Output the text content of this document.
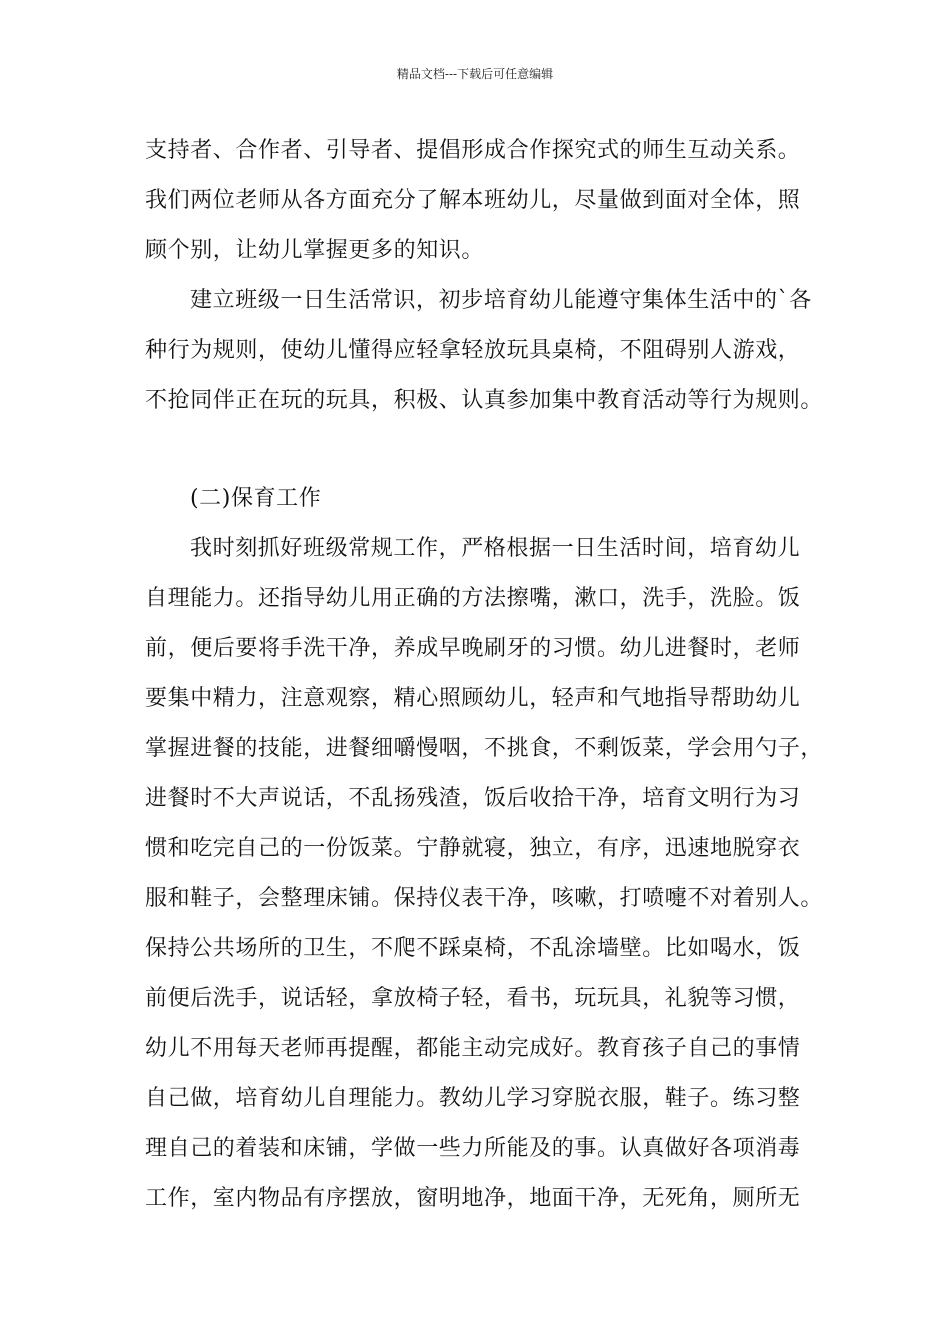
精品文档---下载后可任意编辑
支持者、合作者、引导者、提倡形成合作探究式的师生互动关系。
我们两位老师从各方面充分了解本班幼儿，尽量做到面对全体，照
顾个别，让幼儿掌握更多的知识。
建立班级一日生活常识，初步培育幼儿能遵守集体生活中的`各
种行为规则，使幼儿懂得应轻拿轻放玩具桌椅，不阻碍别人游戏，
不抢同伴正在玩的玩具，积极、认真参加集中教育活动等行为规则。
(二)保育工作
我时刻抓好班级常规工作，严格根据一日生活时间，培育幼儿
自理能力。还指导幼儿用正确的方法擦嘴，漱口，洗手，洗脸。饭
前，便后要将手洗干净，养成早晚刷牙的习惯。幼儿进餐时，老师
要集中精力，注意观察，精心照顾幼儿，轻声和气地指导帮助幼儿
掌握进餐的技能，进餐细嚼慢咽，不挑食，不剩饭菜，学会用勺子，
进餐时不大声说话，不乱扬残渣，饭后收拾干净，培育文明行为习
惯和吃完自己的一份饭菜。宁静就寝，独立，有序，迅速地脱穿衣
服和鞋子，会整理床铺。保持仪表干净，咳嗽，打喷嚏不对着别人。
保持公共场所的卫生，不爬不踩桌椅，不乱涂墙壁。比如喝水，饭
前便后洗手，说话轻，拿放椅子轻，看书，玩玩具，礼貌等习惯，
幼儿不用每天老师再提醒，都能主动完成好。教育孩子自己的事情
自己做，培育幼儿自理能力。教幼儿学习穿脱衣服，鞋子。练习整
理自己的着装和床铺，学做一些力所能及的事。认真做好各项消毒
工作，室内物品有序摆放，窗明地净，地面干净，无死角，厕所无
